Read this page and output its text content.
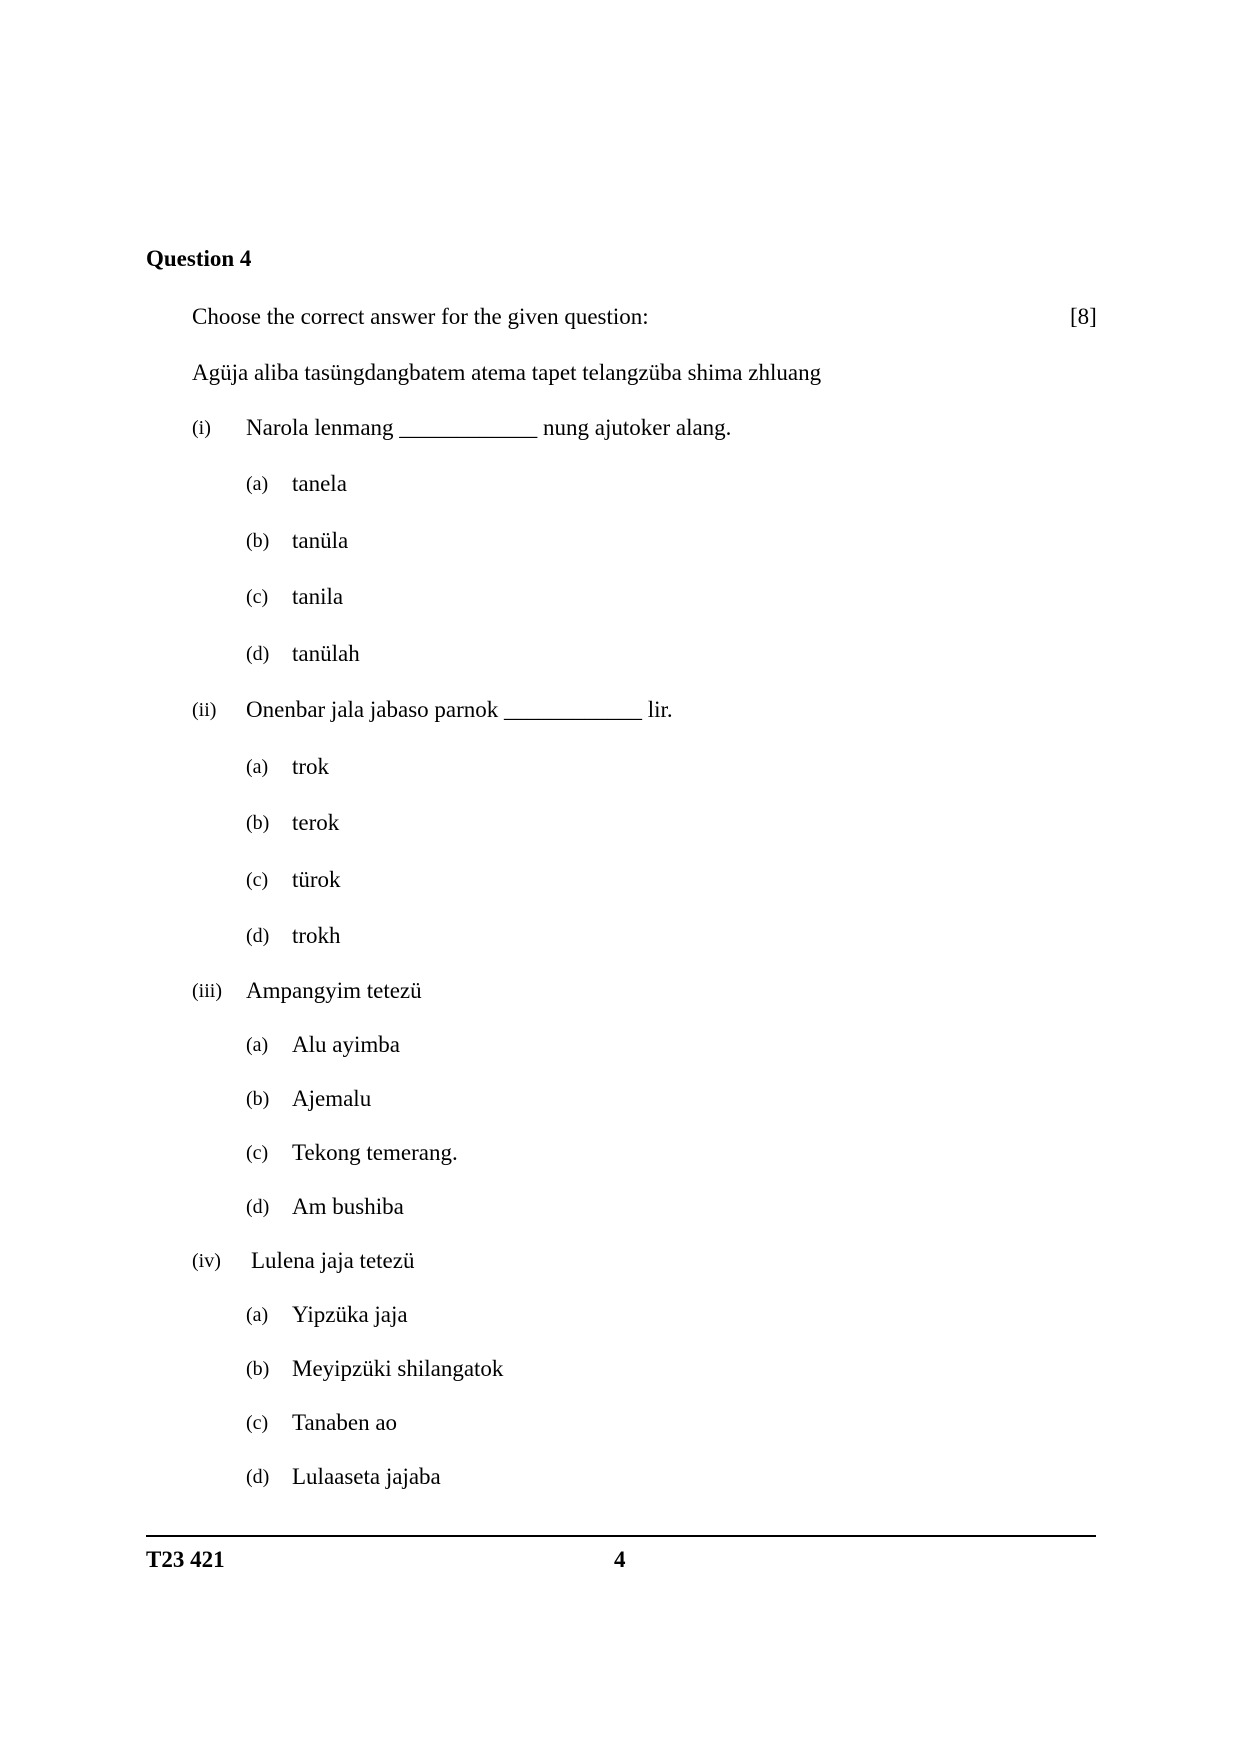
Question 4
Choose the correct answer for the given question:	[8]
Agüja aliba tasüngdangbatem atema tapet telangzüba shima zhluang
(i) Narola lenmang ____________ nung ajutoker alang.
(a) tanela
(b) tanüla
(c) tanila
(d) tanülah
(ii) Onenbar jala jabaso parnok ____________ lir.
(a) trok
(b) terok
(c) türok
(d) trokh
(iii) Ampangyim tetezü
(a) Alu ayimba
(b) Ajemalu
(c) Tekong temerang.
(d) Am bushiba
(iv) Lulena jaja tetezü
(a) Yipzüka jaja
(b) Meyipzüki shilangatok
(c) Tanaben ao
(d) Lulaaseta jajaba
T23 421	4
